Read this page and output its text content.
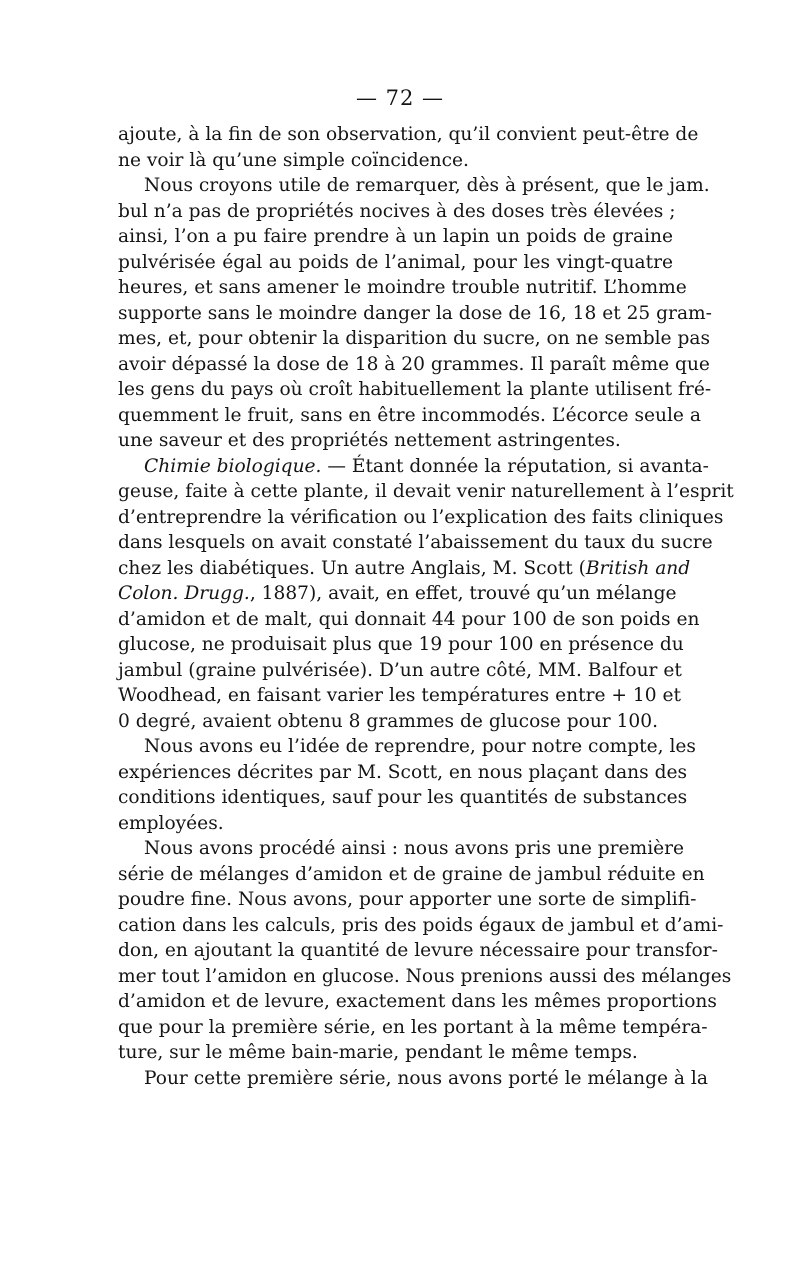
— 72 —
ajoute, à la fin de son observation, qu’il convient peut-être de
ne voir là qu’une simple coïncidence.
Nous croyons utile de remarquer, dès à présent, que le jam.
bul n’a pas de propriétés nocives à des doses très élevées ;
ainsi, l’on a pu faire prendre à un lapin un poids de graine
pulvérisée égal au poids de l’animal, pour les vingt-quatre
heures, et sans amener le moindre trouble nutritif. L’homme
supporte sans le moindre danger la dose de 16, 18 et 25 gram-
mes, et, pour obtenir la disparition du sucre, on ne semble pas
avoir dépassé la dose de 18 à 20 grammes. Il paraît même que
les gens du pays où croît habituellement la plante utilisent fré-
quemment le fruit, sans en être incommodés. L’écorce seule a
une saveur et des propriétés nettement astringentes.
Chimie biologique. — Étant donnée la réputation, si avanta-
geuse, faite à cette plante, il devait venir naturellement à l’esprit
d’entreprendre la vérification ou l’explication des faits cliniques
dans lesquels on avait constaté l’abaissement du taux du sucre
chez les diabétiques. Un autre Anglais, M. Scott (British and
Colon. Drugg., 1887), avait, en effet, trouvé qu’un mélange
d’amidon et de malt, qui donnait 44 pour 100 de son poids en
glucose, ne produisait plus que 19 pour 100 en présence du
jambul (graine pulvérisée). D’un autre côté, MM. Balfour et
Woodhead, en faisant varier les températures entre + 10 et
0 degré, avaient obtenu 8 grammes de glucose pour 100.
Nous avons eu l’idée de reprendre, pour notre compte, les
expériences décrites par M. Scott, en nous plaçant dans des
conditions identiques, sauf pour les quantités de substances
employées.
Nous avons procédé ainsi : nous avons pris une première
série de mélanges d’amidon et de graine de jambul réduite en
poudre fine. Nous avons, pour apporter une sorte de simplifi-
cation dans les calculs, pris des poids égaux de jambul et d’ami-
don, en ajoutant la quantité de levure nécessaire pour transfor-
mer tout l’amidon en glucose. Nous prenions aussi des mélanges
d’amidon et de levure, exactement dans les mêmes proportions
que pour la première série, en les portant à la même tempéra-
ture, sur le même bain-marie, pendant le même temps.
Pour cette première série, nous avons porté le mélange à la
